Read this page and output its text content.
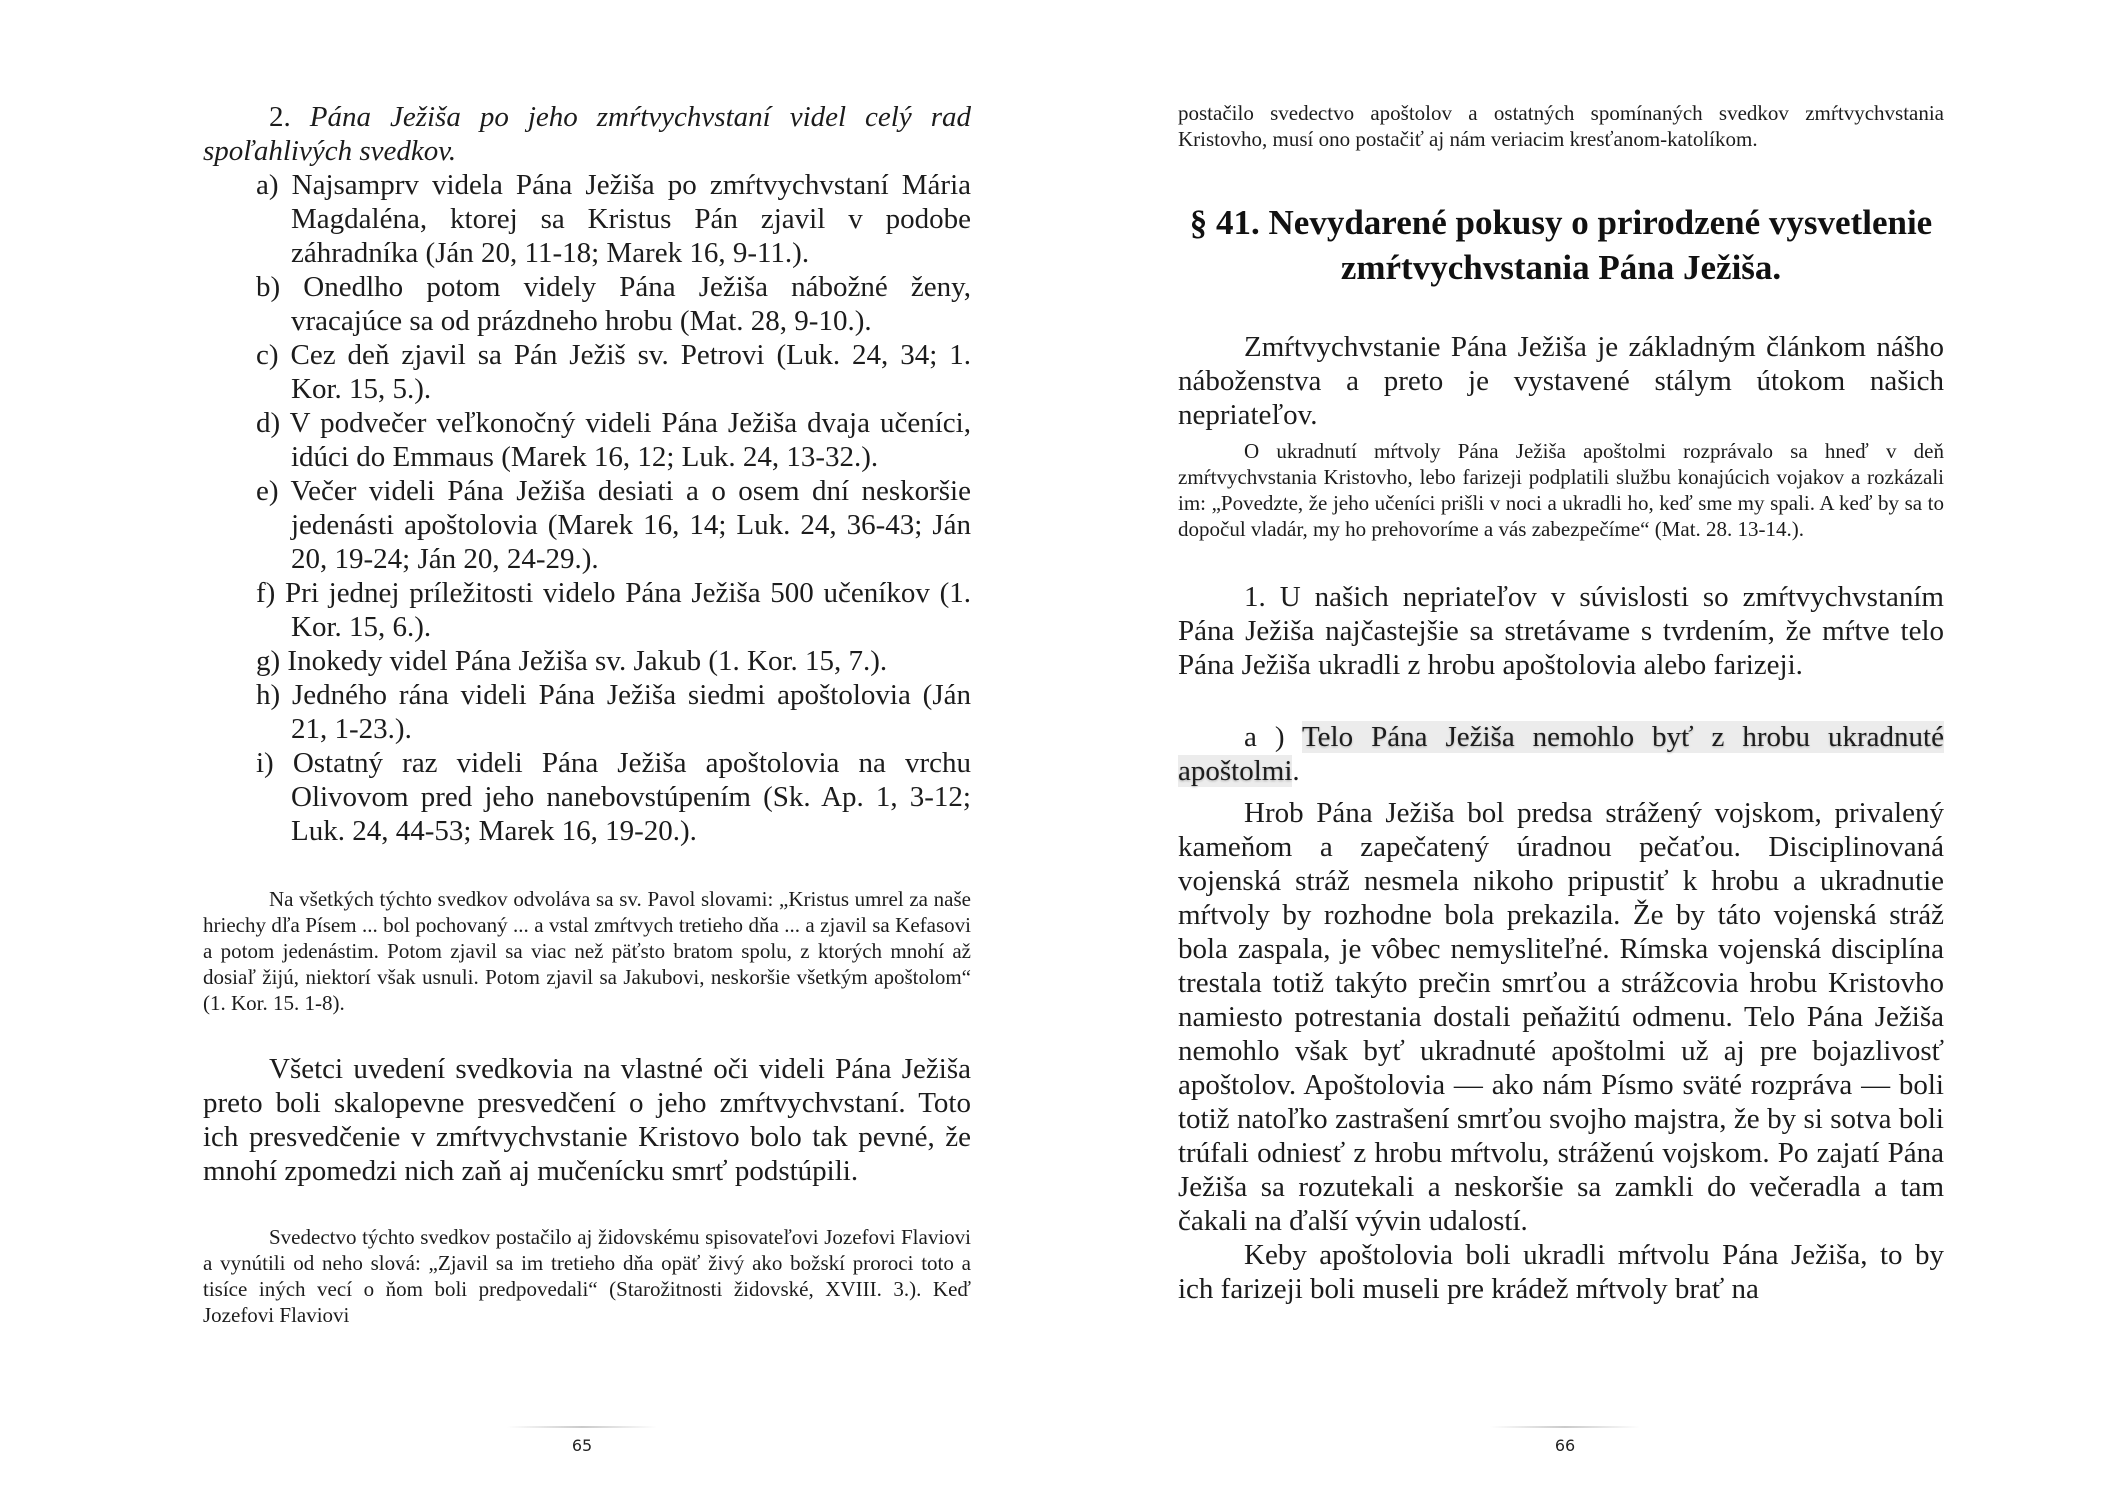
2. Pána Ježiša po jeho zmŕtvychvstaní videl celý rad spoľahlivých svedkov.

a) Najsamprv videla Pána Ježiša po zmŕtvychvstaní Mária Magdaléna, ktorej sa Kristus Pán zjavil v podobe záhradníka (Ján 20, 11-18; Marek 16, 9-11.).
b) Onedlho potom videly Pána Ježiša nábožné ženy, vracajúce sa od prázdneho hrobu (Mat. 28, 9-10.).
c) Cez deň zjavil sa Pán Ježiš sv. Petrovi (Luk. 24, 34; 1. Kor. 15, 5.).
d) V podvečer veľkonočný videli Pána Ježiša dvaja učeníci, idúci do Emmaus (Marek 16, 12; Luk. 24, 13-32.).
e) Večer videli Pána Ježiša desiati a o osem dní neskoršie jedenásti apoštolovia (Marek 16, 14; Luk. 24, 36-43; Ján 20, 19-24; Ján 20, 24-29.).
f) Pri jednej príležitosti videlo Pána Ježiša 500 učeníkov (1. Kor. 15, 6.).
g) Inokedy videl Pána Ježiša sv. Jakub (1. Kor. 15, 7.).
h) Jedného rána videli Pána Ježiša siedmi apoštolovia (Ján 21, 1-23.).
i) Ostatný raz videli Pána Ježiša apoštolovia na vrchu Olivovom pred jeho nanebovstúpením (Sk. Ap. 1, 3-12; Luk. 24, 44-53; Marek 16, 19-20.).

Na všetkých týchto svedkov odvoláva sa sv. Pavol slovami: „Kristus umrel za naše hriechy dľa Písem ... bol pochovaný ... a vstal zmŕtvych tretieho dňa ... a zjavil sa Kefasovi a potom jedenástim. Potom zjavil sa viac než päťsto bratom spolu, z ktorých mnohí až dosiaľ žijú, niektorí však usnuli. Potom zjavil sa Jakubovi, neskoršie všetkým apoštolom“ (1. Kor. 15. 1-8).

Všetci uvedení svedkovia na vlastné oči videli Pána Ježiša preto boli skalopevne presvedčení o jeho zmŕtvychvstaní. Toto ich presvedčenie v zmŕtvychvstanie Kristovo bolo tak pevné, že mnohí zpomedzi nich zaň aj mučenícku smrť podstúpili.

Svedectvo týchto svedkov postačilo aj židovskému spisovateľovi Jozefovi Flaviovi a vynútili od neho slová: „Zjavil sa im tretieho dňa opäť živý ako božskí proroci toto a tisíce iných vecí o ňom boli predpovedali“ (Starožitnosti židovské, XVIII. 3.). Keď Jozefovi Flaviovi

65

postačilo svedectvo apoštolov a ostatných spomínaných svedkov zmŕtvychvstania Kristovho, musí ono postačiť aj nám veriacim kresťanom-katolíkom.

§ 41. Nevydarené pokusy o prirodzené vysvetlenie
zmŕtvychvstania Pána Ježiša.

Zmŕtvychvstanie Pána Ježiša je základným článkom nášho náboženstva a preto je vystavené stálym útokom našich nepriateľov.

O ukradnutí mŕtvoly Pána Ježiša apoštolmi rozprávalo sa hneď v deň zmŕtvychvstania Kristovho, lebo farizeji podplatili službu konajúcich vojakov a rozkázali im: „Povedzte, že jeho učeníci prišli v noci a ukradli ho, keď sme my spali. A keď by sa to dopočul vladár, my ho prehovoríme a vás zabezpečíme“ (Mat. 28. 13-14.).

1. U našich nepriateľov v súvislosti so zmŕtvychvstaním Pána Ježiša najčastejšie sa stretávame s tvrdením, že mŕtve telo Pána Ježiša ukradli z hrobu apoštolovia alebo farizeji.

a ) Telo Pána Ježiša nemohlo byť z hrobu ukradnuté apoštolmi.

Hrob Pána Ježiša bol predsa strážený vojskom, privalený kameňom a zapečatený úradnou pečaťou. Disciplinovaná vojenská stráž nesmela nikoho pripustiť k hrobu a ukradnutie mŕtvoly by rozhodne bola prekazila. Že by táto vojenská stráž bola zaspala, je vôbec nemysliteľné. Rímska vojenská disciplína trestala totiž takýto prečin smrťou a strážcovia hrobu Kristovho namiesto potrestania dostali peňažitú odmenu. Telo Pána Ježiša nemohlo však byť ukradnuté apoštolmi už aj pre bojazlivosť apoštolov. Apoštolovia — ako nám Písmo sväté rozpráva — boli totiž natoľko zastrašení smrťou svojho majstra, že by si sotva boli trúfali odniesť z hrobu mŕtvolu, stráženú vojskom. Po zajatí Pána Ježiša sa rozutekali a neskoršie sa zamkli do večeradla a tam čakali na ďalší vývin udalostí.

Keby apoštolovia boli ukradli mŕtvolu Pána Ježiša, to by ich farizeji boli museli pre krádež mŕtvoly brať na

66
